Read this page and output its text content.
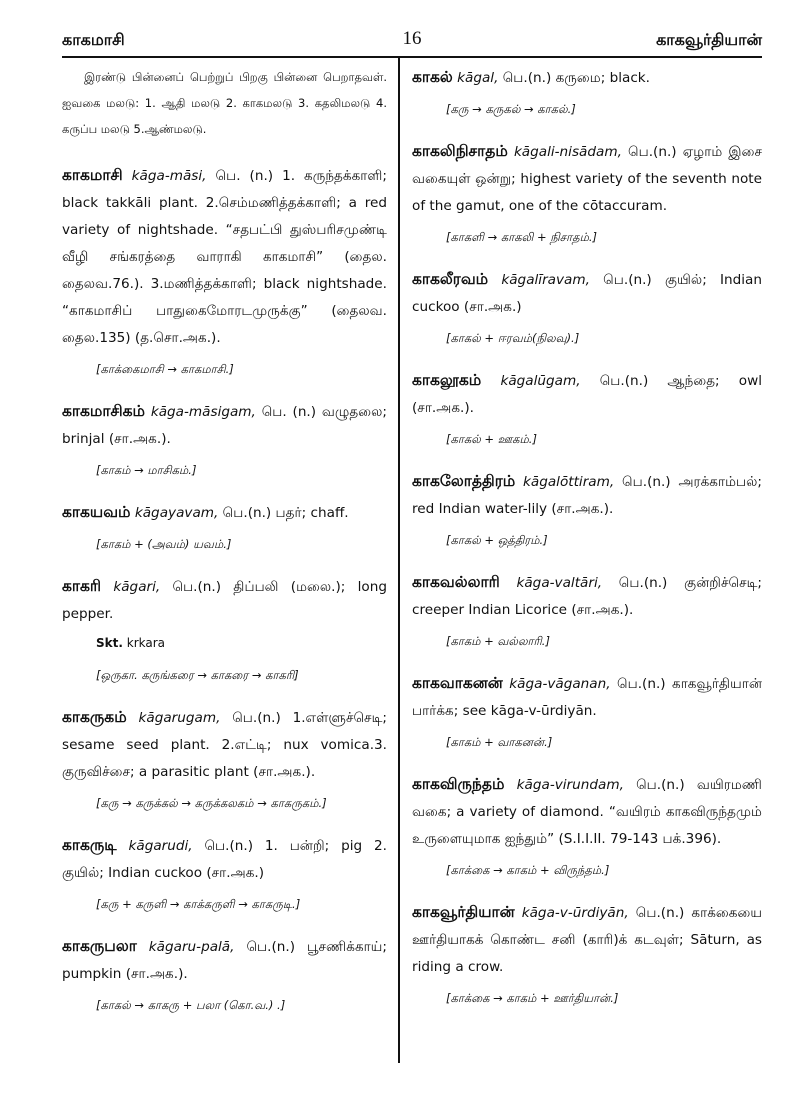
காகமாசி	16	காகவூர்தியான்

இரண்டு பின்னைப் பெற்றுப் பிறகு பின்னை பெறாதவள். ஐவகை மலடு: 1. ஆதி மலடு 2. காகமலடு 3. கதலிமலடு 4. கருப்ப மலடு 5.ஆண்மலடு.

காகமாசி kāga-māsi, பெ. (n.) 1. கருந்தக்காளி; black takkāli plant. 2.செம்மணித்தக்காளி; a red variety of nightshade. “சதபட்பி துஸ்பரிசமுண்டி வீழி சங்கரத்தை வாராகி காகமாசி” (தைல. தைலவ.76.). 3.மணித்தக்காளி; black nightshade. “காகமாசிப் பாதுகைமோரடமுருக்கு” (தைலவ. தைல.135) (த.சொ.அக.).

[காக்கைமாசி → காகமாசி.]

காகமாசிகம் kāga-māsigam, பெ. (n.) வழுதலை; brinjal (சா.அக.).

[காகம் → மாசிகம்.]

காகயவம் kāgayavam, பெ.(n.) பதர்; chaff.

[காகம் + (அவம்) யவம்.]

காகரி kāgari, பெ.(n.) திப்பலி (மலை.); long pepper.

Skt. krkara
[ஒருகா. கருங்கரை → காகரை → காகரி]

காகருகம் kāgarugam, பெ.(n.) 1.எள்ளுச்செடி; sesame seed plant. 2.எட்டி; nux vomica.3. குருவிச்சை; a parasitic plant (சா.அக.).

[கரு → கருக்கல் → கருக்கலகம் → காகருகம்.]

காகருடி kāgarudi, பெ.(n.) 1. பன்றி; pig 2. குயில்; Indian cuckoo (சா.அக.)

[கரு + கருளி → காக்கருளி → காகருடி.]

காகருபலா kāgaru-palā, பெ.(n.) பூசணிக்காய்; pumpkin (சா.அக.).

[காகல் → காகரு + பலா (கொ.வ.) .]

காகல் kāgal, பெ.(n.) கருமை; black.

[கரு → கருகல் → காகல்.]

காகலிநிசாதம் kāgali-nisādam, பெ.(n.) ஏழாம் இசை வகையுள் ஒன்று; highest variety of the seventh note of the gamut, one of the cōtaccuram.

[காகளி → காகலி + நிசாதம்.]

காகலீரவம் kāgalīravam, பெ.(n.) குயில்; Indian cuckoo (சா.அக.)

[காகல் + ஈரவம்(நிலவு).]

காகலூகம் kāgalūgam, பெ.(n.) ஆந்தை; owl (சா.அக.).

[காகல் + ஊகம்.]

காகலோத்திரம் kāgalōttiram, பெ.(n.) அரக்காம்பல்; red Indian water-lily (சா.அக.).

[காகல் + ஒத்திரம்.]

காகவல்லாரி kāga-valtāri, பெ.(n.) குன்றிச்செடி; creeper Indian Licorice (சா.அக.).

[காகம் + வல்லாரி.]

காகவாகனன் kāga-vāganan, பெ.(n.) காகவூர்தியான் பார்க்க; see kāga-v-ūrdiyān.

[காகம் + வாகனன்.]

காகவிருந்தம் kāga-virundam, பெ.(n.) வயிரமணி வகை; a variety of diamond. “வயிரம் காகவிருந்தமும் உருளையுமாக ஐந்தும்” (S.I.I.II. 79-143 பக்.396).

[காக்கை → காகம் + விருந்தம்.]

காகவூர்தியான் kāga-v-ūrdiyān, பெ.(n.) காக்கையை ஊர்தியாகக் கொண்ட சனி (காரி)க் கடவுள்; Sāturn, as riding a crow.

[காக்கை → காகம் + ஊர்தியான்.]
